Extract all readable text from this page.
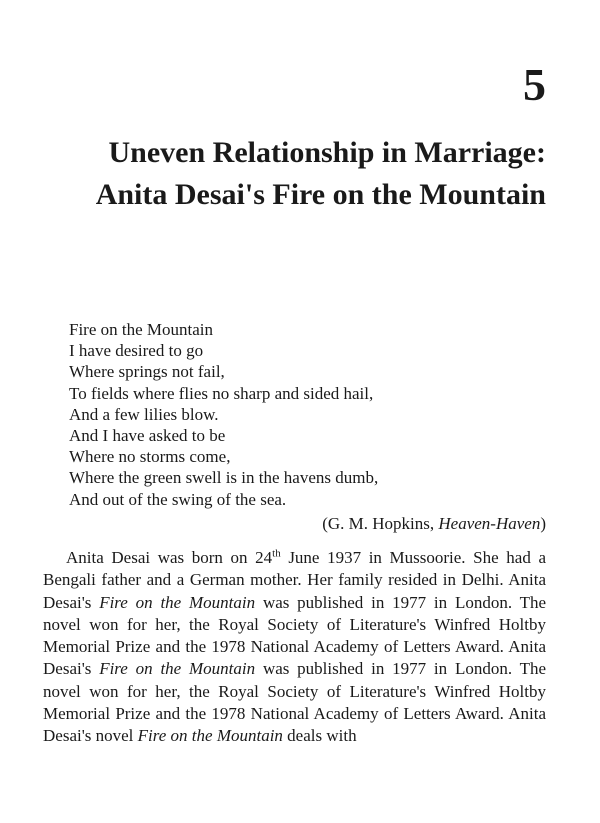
5
Uneven Relationship in Marriage:
Anita Desai's Fire on the Mountain
Fire on the Mountain
I have desired to go
Where springs not fail,
To fields where flies no sharp and sided hail,
And a few lilies blow.
And I have asked to be
Where no storms come,
Where the green swell is in the havens dumb,
And out of the swing of the sea.
(G. M. Hopkins, Heaven-Haven)

Anita Desai was born on 24th June 1937 in Mussoorie. She had a Bengali father and a German mother. Her family resided in Delhi. Anita Desai's Fire on the Mountain was published in 1977 in London. The novel won for her, the Royal Society of Literature's Winfred Holtby Memorial Prize and the 1978 National Academy of Letters Award. Anita Desai's Fire on the Mountain was published in 1977 in London. The novel won for her, the Royal Society of Literature's Winfred Holtby Memorial Prize and the 1978 National Academy of Letters Award. Anita Desai's novel Fire on the Mountain deals with
